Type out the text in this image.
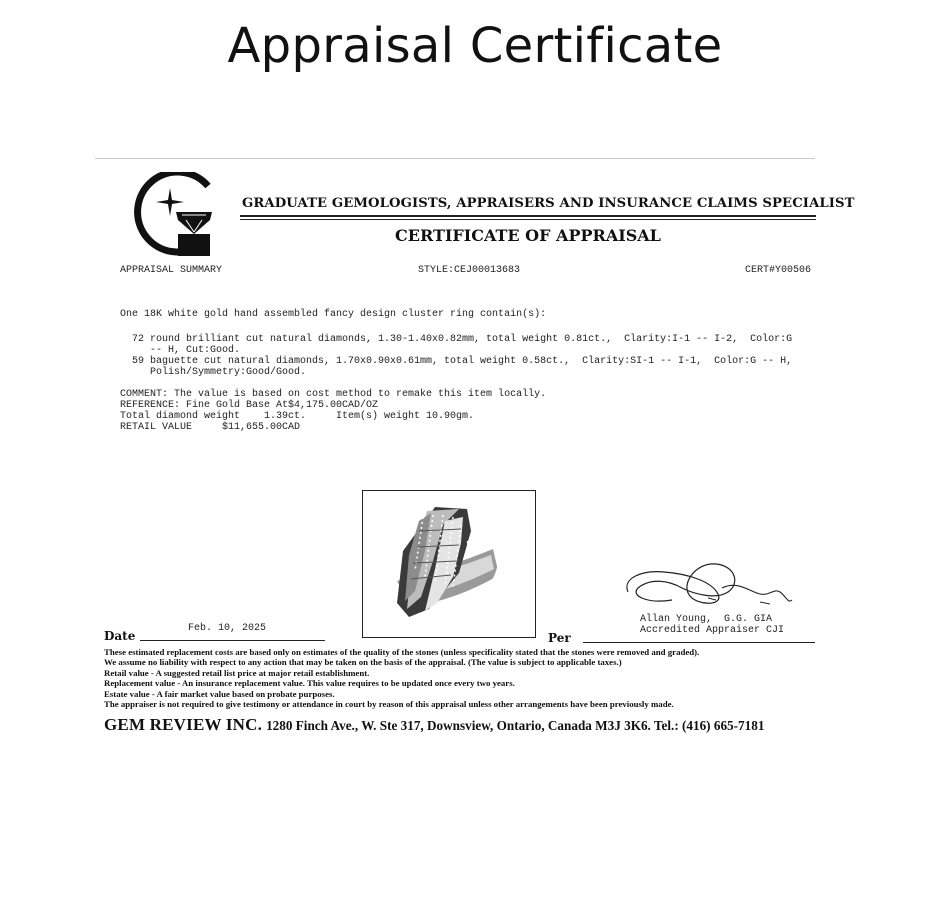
Appraisal Certificate
GRADUATE GEMOLOGISTS, APPRAISERS AND INSURANCE CLAIMS SPECIALIST
CERTIFICATE OF APPRAISAL
APPRAISAL SUMMARY	STYLE:CEJ00013683	CERT#Y00506
One 18K white gold hand assembled fancy design cluster ring contain(s):
72 round brilliant cut natural diamonds, 1.30-1.40x0.82mm, total weight 0.81ct.,  Clarity:I-1 -- I-2,  Color:G
-- H, Cut:Good.
59 baguette cut natural diamonds, 1.70x0.90x0.61mm, total weight 0.58ct.,  Clarity:SI-1 -- I-1,  Color:G -- H,
Polish/Symmetry:Good/Good.
COMMENT: The value is based on cost method to remake this item locally.
REFERENCE: Fine Gold Base At$4,175.00CAD/OZ
Total diamond weight    1.39ct.     Item(s) weight 10.90gm.
RETAIL VALUE     $11,655.00CAD
Allan Young,  G.G. GIA
Accredited Appraiser CJI
Date
Feb. 10, 2025
Per
These estimated replacement costs are based only on estimates of the quality of the stones (unless specificality stated that the stones were removed and graded).
We assume no liability with respect to any action that may be taken on the basis of the appraisal. (The value is subject to applicable taxes.)
Retail value - A suggested retail list price at major retail establishment.
Replacement value - An insurance replacement value. This value requires to be updated once every two years.
Estate value - A fair market value based on probate purposes.
The appraiser is not required to give testimony or attendance in court by reason of this appraisal unless other arrangements have been previously made.
GEM REVIEW INC. 1280 Finch Ave., W. Ste 317, Downsview, Ontario, Canada M3J 3K6. Tel.: (416) 665-7181
